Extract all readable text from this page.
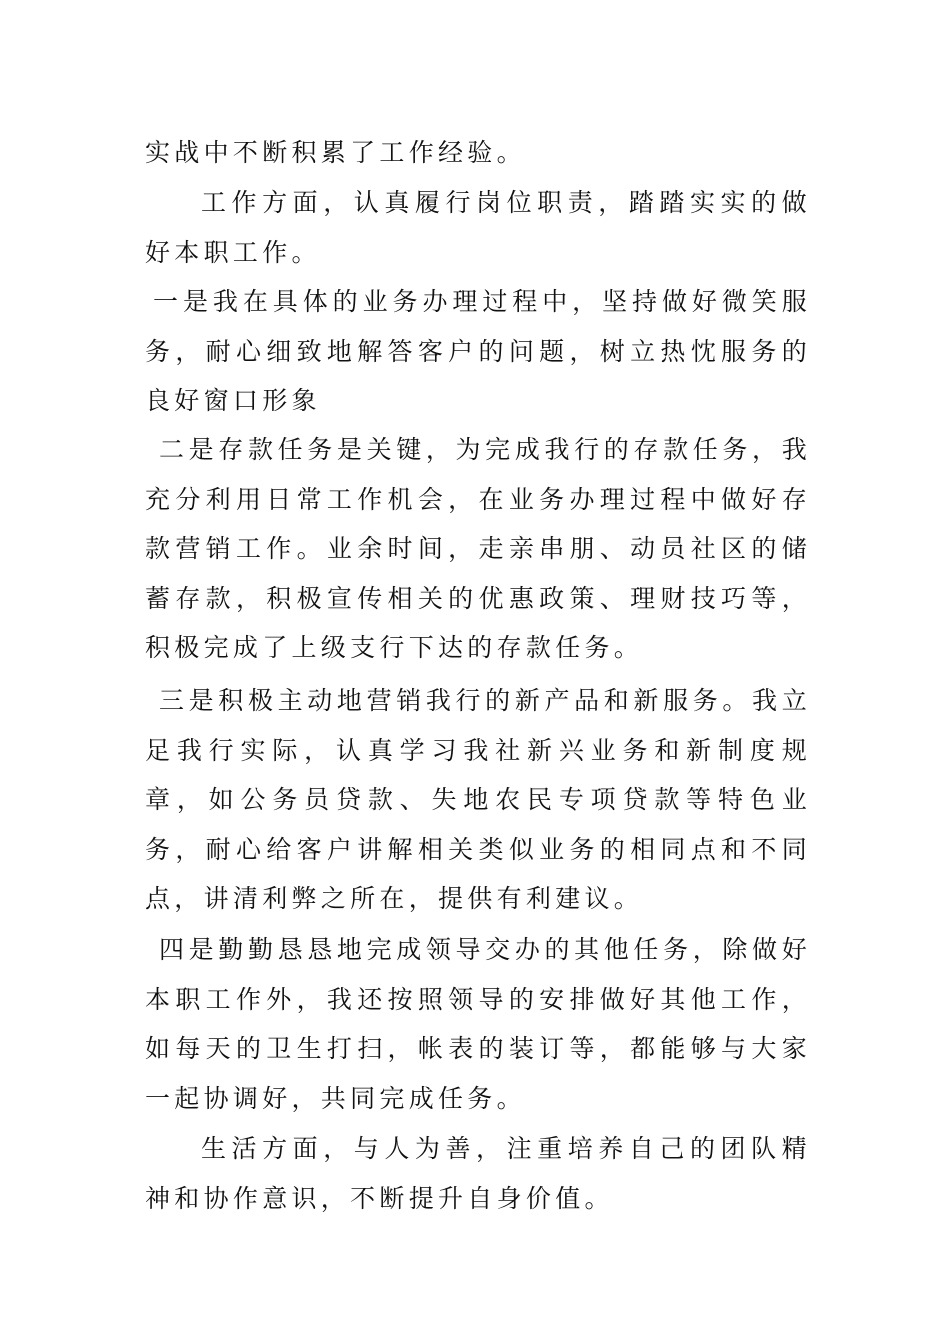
实战中不断积累了工作经验。

工作方面，认真履行岗位职责，踏踏实实的做好本职工作。

一是我在具体的业务办理过程中，坚持做好微笑服务，耐心细致地解答客户的问题，树立热忱服务的良好窗口形象

二是存款任务是关键，为完成我行的存款任务，我充分利用日常工作机会，在业务办理过程中做好存款营销工作。业余时间，走亲串朋、动员社区的储蓄存款，积极宣传相关的优惠政策、理财技巧等，积极完成了上级支行下达的存款任务。

三是积极主动地营销我行的新产品和新服务。我立足我行实际，认真学习我社新兴业务和新制度规章，如公务员贷款、失地农民专项贷款等特色业务，耐心给客户讲解相关类似业务的相同点和不同点，讲清利弊之所在，提供有利建议。

四是勤勤恳恳地完成领导交办的其他任务，除做好本职工作外，我还按照领导的安排做好其他工作，如每天的卫生打扫，帐表的装订等，都能够与大家一起协调好，共同完成任务。

生活方面，与人为善，注重培养自己的团队精神和协作意识，不断提升自身价值。
